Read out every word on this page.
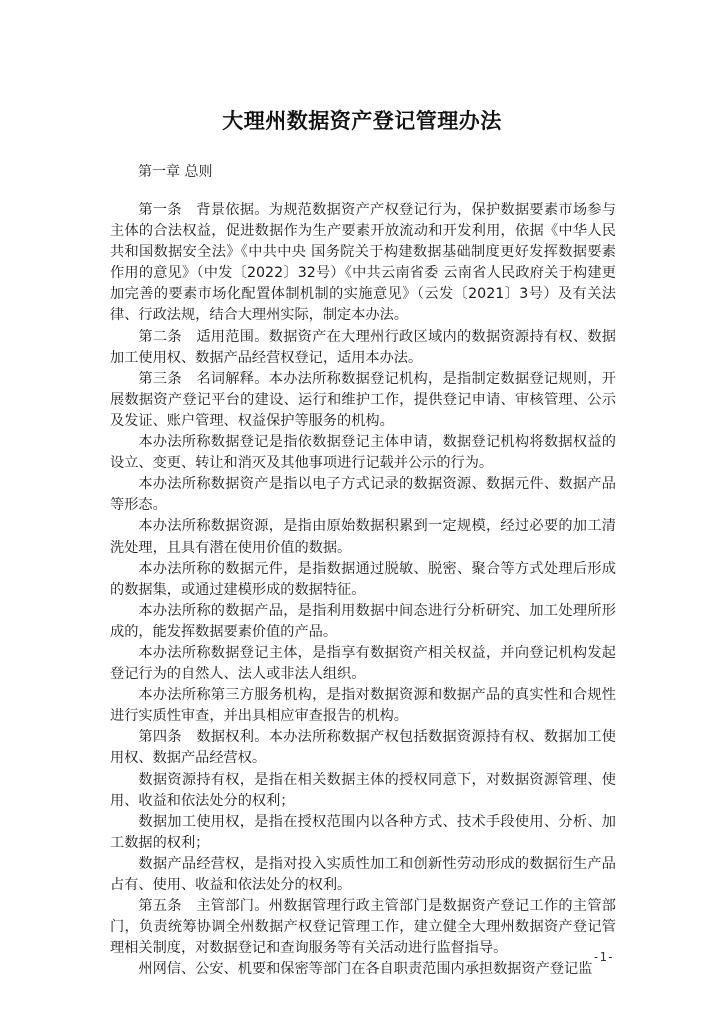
大理州数据资产登记管理办法
第一章 总则

第一条　背景依据。为规范数据资产产权登记行为，保护数据要素市场参与主体的合法权益，促进数据作为生产要素开放流动和开发利用，依据《中华人民共和国数据安全法》《中共中央 国务院关于构建数据基础制度更好发挥数据要素作用的意见》（中发〔2022〕32号）《中共云南省委 云南省人民政府关于构建更加完善的要素市场化配置体制机制的实施意见》（云发〔2021〕3号）及有关法律、行政法规，结合大理州实际，制定本办法。

第二条　适用范围。数据资产在大理州行政区域内的数据资源持有权、数据加工使用权、数据产品经营权登记，适用本办法。

第三条　名词解释。本办法所称数据登记机构，是指制定数据登记规则，开展数据资产登记平台的建设、运行和维护工作，提供登记申请、审核管理、公示及发证、账户管理、权益保护等服务的机构。

本办法所称数据登记是指依数据登记主体申请，数据登记机构将数据权益的设立、变更、转让和消灭及其他事项进行记载并公示的行为。

本办法所称数据资产是指以电子方式记录的数据资源、数据元件、数据产品等形态。

本办法所称数据资源，是指由原始数据积累到一定规模，经过必要的加工清洗处理，且具有潜在使用价值的数据。

本办法所称的数据元件，是指数据通过脱敏、脱密、聚合等方式处理后形成的数据集，或通过建模形成的数据特征。

本办法所称的数据产品，是指利用数据中间态进行分析研究、加工处理所形成的，能发挥数据要素价值的产品。

本办法所称数据登记主体，是指享有数据资产相关权益，并向登记机构发起登记行为的自然人、法人或非法人组织。

本办法所称第三方服务机构，是指对数据资源和数据产品的真实性和合规性进行实质性审查，并出具相应审查报告的机构。

第四条　数据权利。本办法所称数据产权包括数据资源持有权、数据加工使用权、数据产品经营权。

数据资源持有权，是指在相关数据主体的授权同意下，对数据资源管理、使用、收益和依法处分的权利；

数据加工使用权，是指在授权范围内以各种方式、技术手段使用、分析、加工数据的权利；

数据产品经营权，是指对投入实质性加工和创新性劳动形成的数据衍生产品占有、使用、收益和依法处分的权利。

第五条　主管部门。州数据管理行政主管部门是数据资产登记工作的主管部门，负责统筹协调全州数据产权登记管理工作，建立健全大理州数据资产登记管理相关制度，对数据登记和查询服务等有关活动进行监督指导。

州网信、公安、机要和保密等部门在各自职责范围内承担数据资产登记监

-1-
